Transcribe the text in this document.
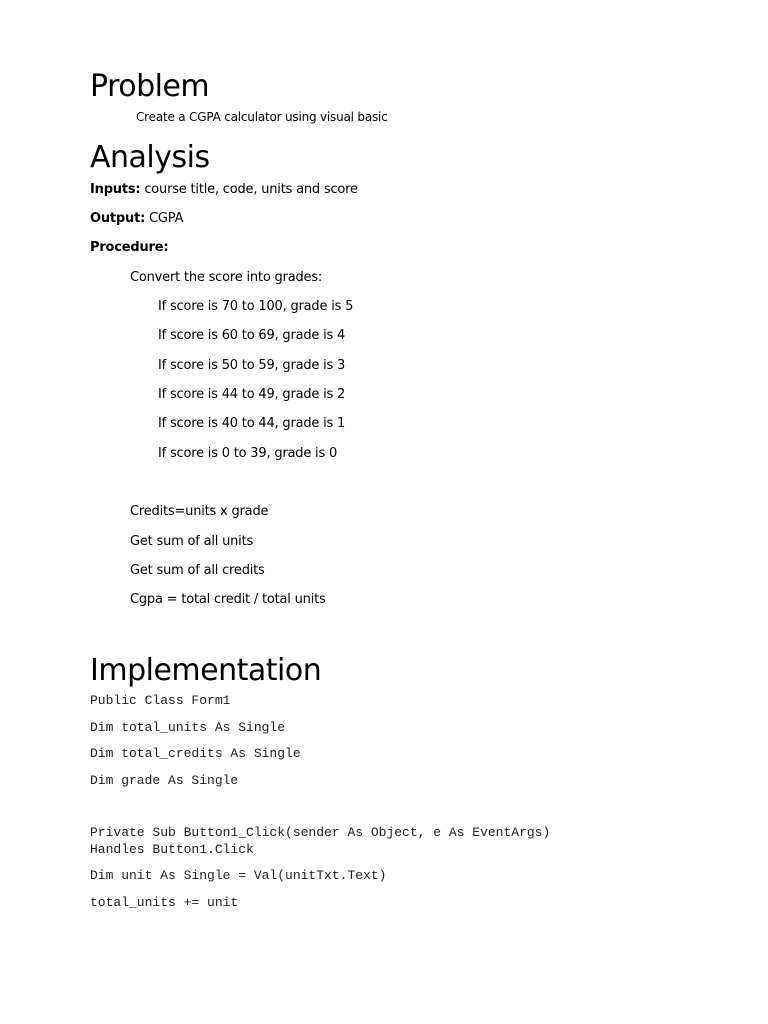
Problem

Create a CGPA calculator using visual basic

Analysis

Inputs: course title, code, units and score

Output: CGPA

Procedure:

Convert the score into grades:

If score is 70 to 100, grade is 5

If score is 60 to 69, grade is 4

If score is 50 to 59, grade is 3

If score is 44 to 49, grade is 2

If score is 40 to 44, grade is 1

If score is 0 to 39, grade is 0

Credits=units x grade

Get sum of all units

Get sum of all credits

Cgpa = total credit / total units

Implementation
Public Class Form1
Dim total_units As Single
Dim total_credits As Single
Dim grade As Single
Private Sub Button1_Click(sender As Object, e As EventArgs)
Handles Button1.Click
Dim unit As Single = Val(unitTxt.Text)
total_units += unit
